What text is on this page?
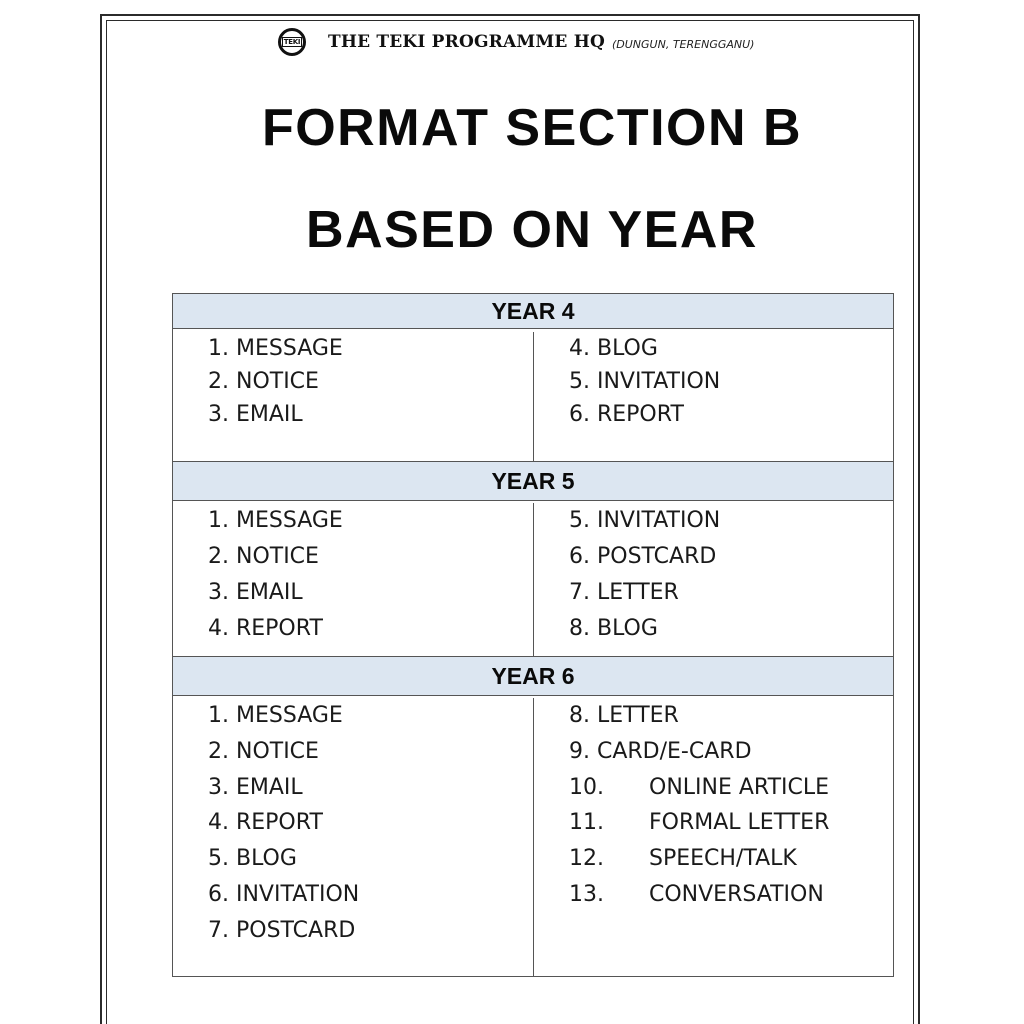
TEKI THE TEKI PROGRAMME HQ (DUNGUN, TERENGGANU)
FORMAT SECTION B
BASED ON YEAR
YEAR 4
1. MESSAGE
2. NOTICE
3. EMAIL
4. BLOG
5. INVITATION
6. REPORT
YEAR 5
1. MESSAGE
2. NOTICE
3. EMAIL
4. REPORT
5. INVITATION
6. POSTCARD
7. LETTER
8. BLOG
YEAR 6
1. MESSAGE
2. NOTICE
3. EMAIL
4. REPORT
5. BLOG
6. INVITATION
7. POSTCARD
8. LETTER
9. CARD/E-CARD
10.	ONLINE ARTICLE
11.	FORMAL LETTER
12.	SPEECH/TALK
13.	CONVERSATION
